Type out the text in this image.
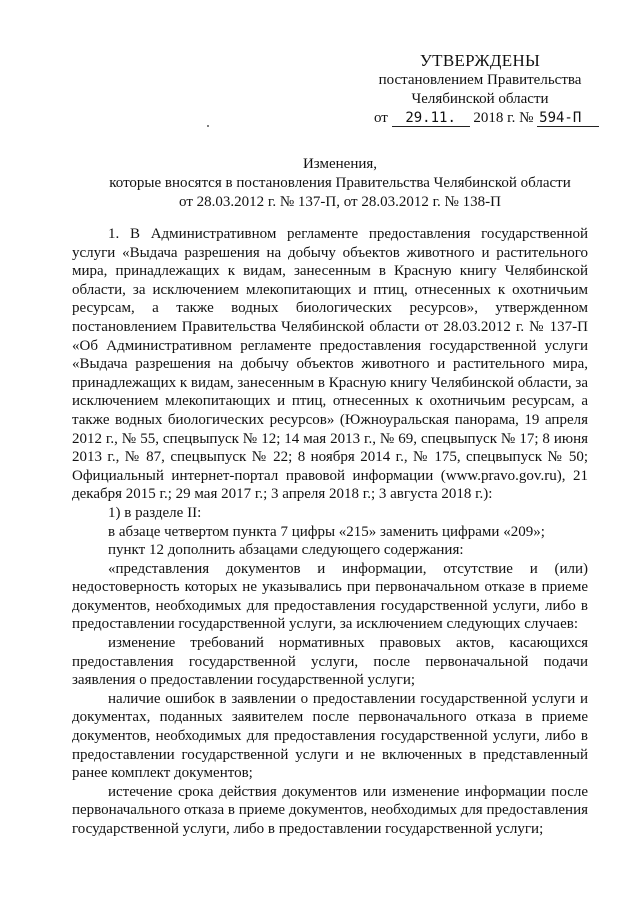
УТВЕРЖДЕНЫ
постановлением Правительства
Челябинской области
от 29.11. 2018 г. № 594-П
Изменения,
которые вносятся в постановления Правительства Челябинской области
от 28.03.2012 г. № 137-П, от 28.03.2012 г. № 138-П

1. В Административном регламенте предоставления государственной услуги «Выдача разрешения на добычу объектов животного и растительного мира, принадлежащих к видам, занесенным в Красную книгу Челябинской области, за исключением млекопитающих и птиц, отнесенных к охотничьим ресурсам, а также водных биологических ресурсов», утвержденном постановлением Правительства Челябинской области от 28.03.2012 г. № 137-П «Об Административном регламенте предоставления государственной услуги «Выдача разрешения на добычу объектов животного и растительного мира, принадлежащих к видам, занесенным в Красную книгу Челябинской области, за исключением млекопитающих и птиц, отнесенных к охотничьим ресурсам, а также водных биологических ресурсов» (Южноуральская панорама, 19 апреля 2012 г., № 55, спецвыпуск № 12; 14 мая 2013 г., № 69, спецвыпуск № 17; 8 июня 2013 г., № 87, спецвыпуск № 22; 8 ноября 2014 г., № 175, спецвыпуск № 50; Официальный интернет-портал правовой информации (www.pravo.gov.ru), 21 декабря 2015 г.; 29 мая 2017 г.; 3 апреля 2018 г.; 3 августа 2018 г.):

1) в разделе II:

в абзаце четвертом пункта 7 цифры «215» заменить цифрами «209»;

пункт 12 дополнить абзацами следующего содержания:

«представления документов и информации, отсутствие и (или) недостоверность которых не указывались при первоначальном отказе в приеме документов, необходимых для предоставления государственной услуги, либо в предоставлении государственной услуги, за исключением следующих случаев:

изменение требований нормативных правовых актов, касающихся предоставления государственной услуги, после первоначальной подачи заявления о предоставлении государственной услуги;

наличие ошибок в заявлении о предоставлении государственной услуги и документах, поданных заявителем после первоначального отказа в приеме документов, необходимых для предоставления государственной услуги, либо в предоставлении государственной услуги и не включенных в представленный ранее комплект документов;

истечение срока действия документов или изменение информации после первоначального отказа в приеме документов, необходимых для предоставления государственной услуги, либо в предоставлении государственной услуги;
